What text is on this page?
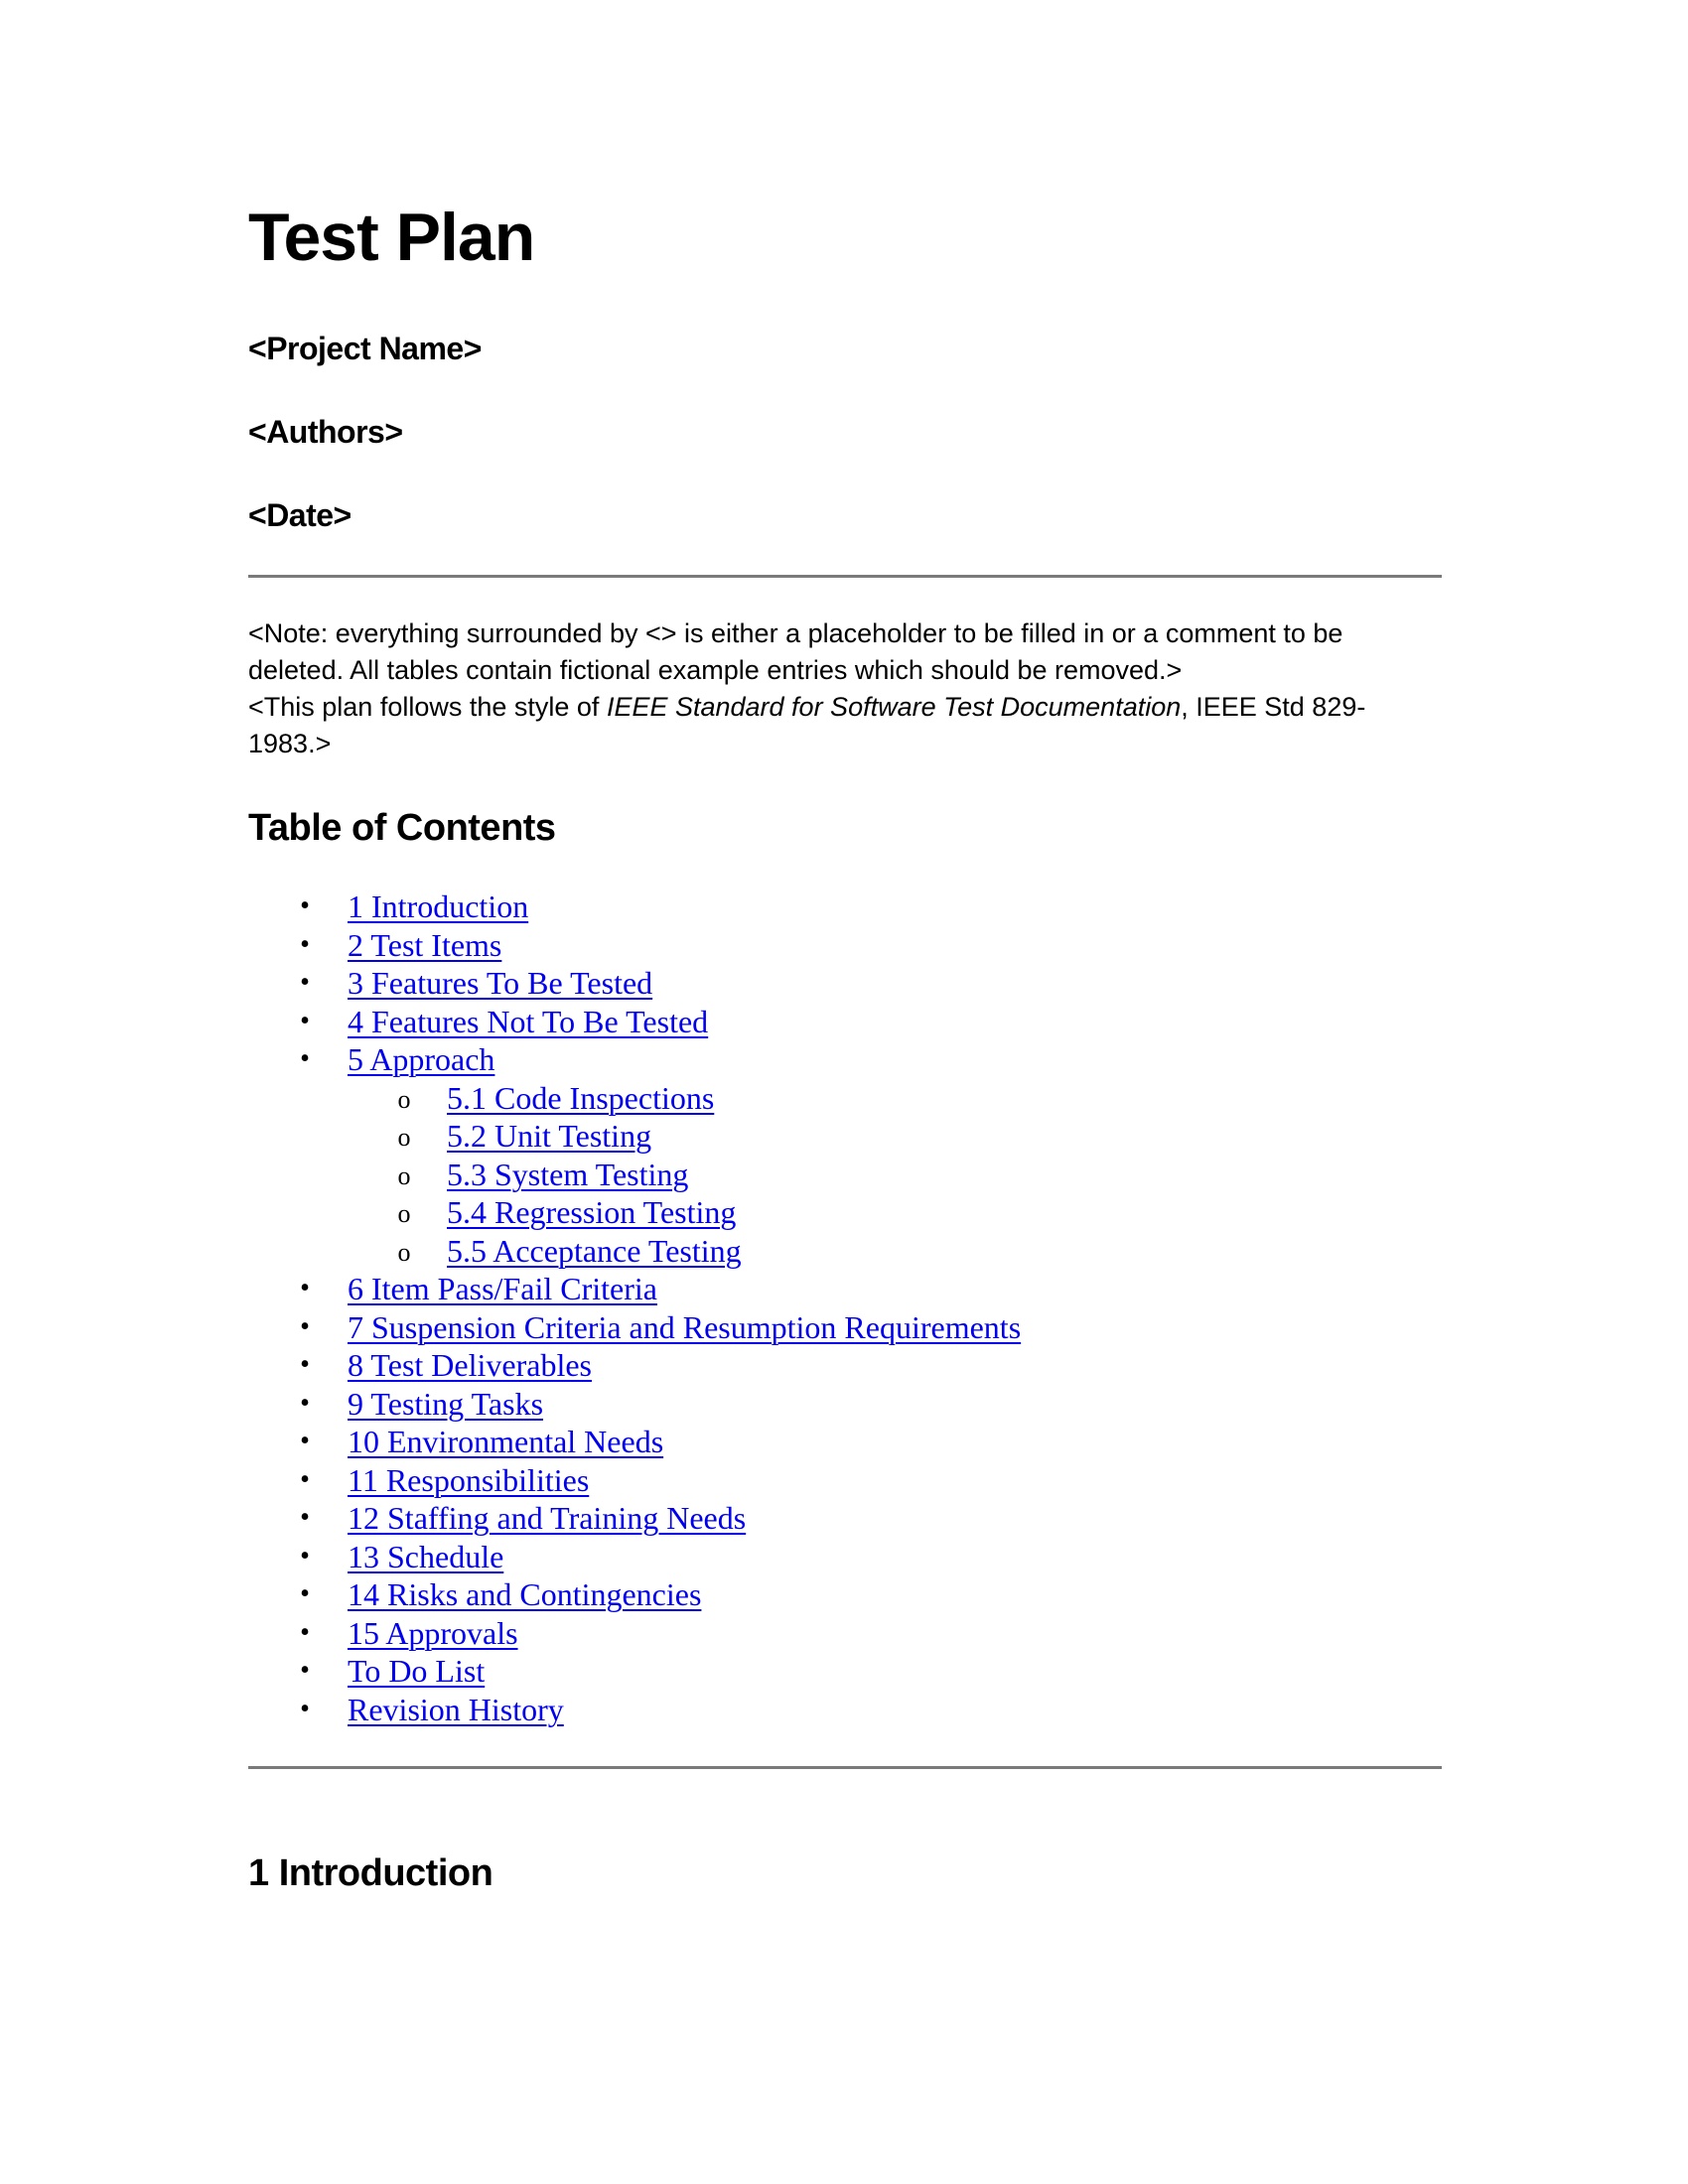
Test Plan
<Project Name>
<Authors>
<Date>

<Note: everything surrounded by <> is either a placeholder to be filled in or a comment to be deleted. All tables contain fictional example entries which should be removed.>

<This plan follows the style of IEEE Standard for Software Test Documentation, IEEE Std 829-1983.>

Table of Contents
• 1 Introduction
• 2 Test Items
• 3 Features To Be Tested
• 4 Features Not To Be Tested
• 5 Approach
o 5.1 Code Inspections
o 5.2 Unit Testing
o 5.3 System Testing
o 5.4 Regression Testing
o 5.5 Acceptance Testing
• 6 Item Pass/Fail Criteria
• 7 Suspension Criteria and Resumption Requirements
• 8 Test Deliverables
• 9 Testing Tasks
• 10 Environmental Needs
• 11 Responsibilities
• 12 Staffing and Training Needs
• 13 Schedule
• 14 Risks and Contingencies
• 15 Approvals
• To Do List
• Revision History
1 Introduction
